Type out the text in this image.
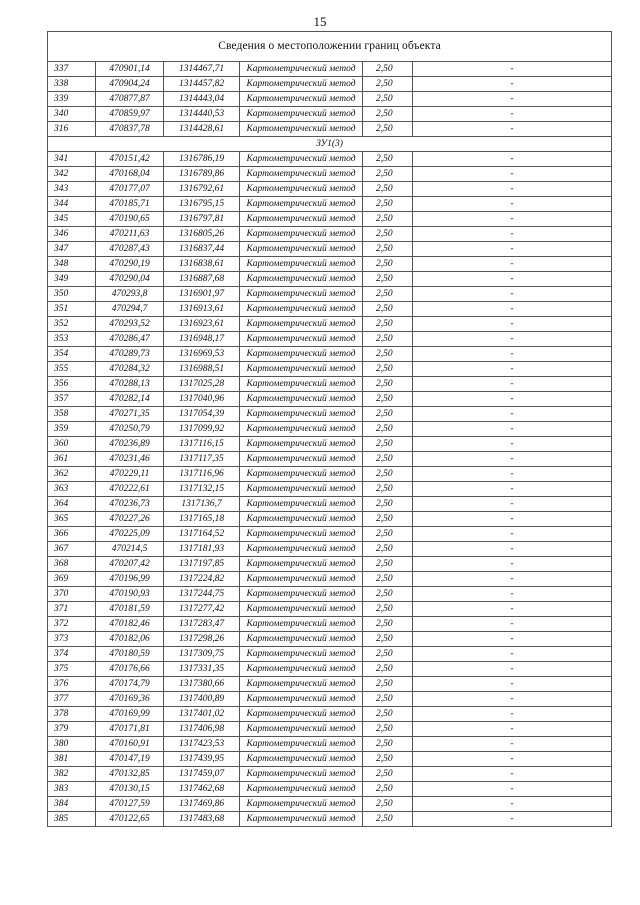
15
Сведения о местоположении границ объекта					
337	470901,14	1314467,71	Картометрический метод	2,50	-
338	470904,24	1314457,82	Картометрический метод	2,50	-
339	470877,87	1314443,04	Картометрический метод	2,50	-
340	470859,97	1314440,53	Картометрический метод	2,50	-
316	470837,78	1314428,61	Картометрический метод	2,50	-
ЗУ1(3)					
341	470151,42	1316786,19	Картометрический метод	2,50	-
342	470168,04	1316789,86	Картометрический метод	2,50	-
343	470177,07	1316792,61	Картометрический метод	2,50	-
344	470185,71	1316795,15	Картометрический метод	2,50	-
345	470190,65	1316797,81	Картометрический метод	2,50	-
346	470211,63	1316805,26	Картометрический метод	2,50	-
347	470287,43	1316837,44	Картометрический метод	2,50	-
348	470290,19	1316838,61	Картометрический метод	2,50	-
349	470290,04	1316887,68	Картометрический метод	2,50	-
350	470293,8	1316901,97	Картометрический метод	2,50	-
351	470294,7	1316913,61	Картометрический метод	2,50	-
352	470293,52	1316923,61	Картометрический метод	2,50	-
353	470286,47	1316948,17	Картометрический метод	2,50	-
354	470289,73	1316969,53	Картометрический метод	2,50	-
355	470284,32	1316988,51	Картометрический метод	2,50	-
356	470288,13	1317025,28	Картометрический метод	2,50	-
357	470282,14	1317040,96	Картометрический метод	2,50	-
358	470271,35	1317054,39	Картометрический метод	2,50	-
359	470250,79	1317099,92	Картометрический метод	2,50	-
360	470236,89	1317116,15	Картометрический метод	2,50	-
361	470231,46	1317117,35	Картометрический метод	2,50	-
362	470229,11	1317116,96	Картометрический метод	2,50	-
363	470222,61	1317132,15	Картометрический метод	2,50	-
364	470236,73	1317136,7	Картометрический метод	2,50	-
365	470227,26	1317165,18	Картометрический метод	2,50	-
366	470225,09	1317164,52	Картометрический метод	2,50	-
367	470214,5	1317181,93	Картометрический метод	2,50	-
368	470207,42	1317197,85	Картометрический метод	2,50	-
369	470196,99	1317224,82	Картометрический метод	2,50	-
370	470190,93	1317244,75	Картометрический метод	2,50	-
371	470181,59	1317277,42	Картометрический метод	2,50	-
372	470182,46	1317283,47	Картометрический метод	2,50	-
373	470182,06	1317298,26	Картометрический метод	2,50	-
374	470180,59	1317309,75	Картометрический метод	2,50	-
375	470176,66	1317331,35	Картометрический метод	2,50	-
376	470174,79	1317380,66	Картометрический метод	2,50	-
377	470169,36	1317400,89	Картометрический метод	2,50	-
378	470169,99	1317401,02	Картометрический метод	2,50	-
379	470171,81	1317406,98	Картометрический метод	2,50	-
380	470160,91	1317423,53	Картометрический метод	2,50	-
381	470147,19	1317439,95	Картометрический метод	2,50	-
382	470132,85	1317459,07	Картометрический метод	2,50	-
383	470130,15	1317462,68	Картометрический метод	2,50	-
384	470127,59	1317469,86	Картометрический метод	2,50	-
385	470122,65	1317483,68	Картометрический метод	2,50	-
